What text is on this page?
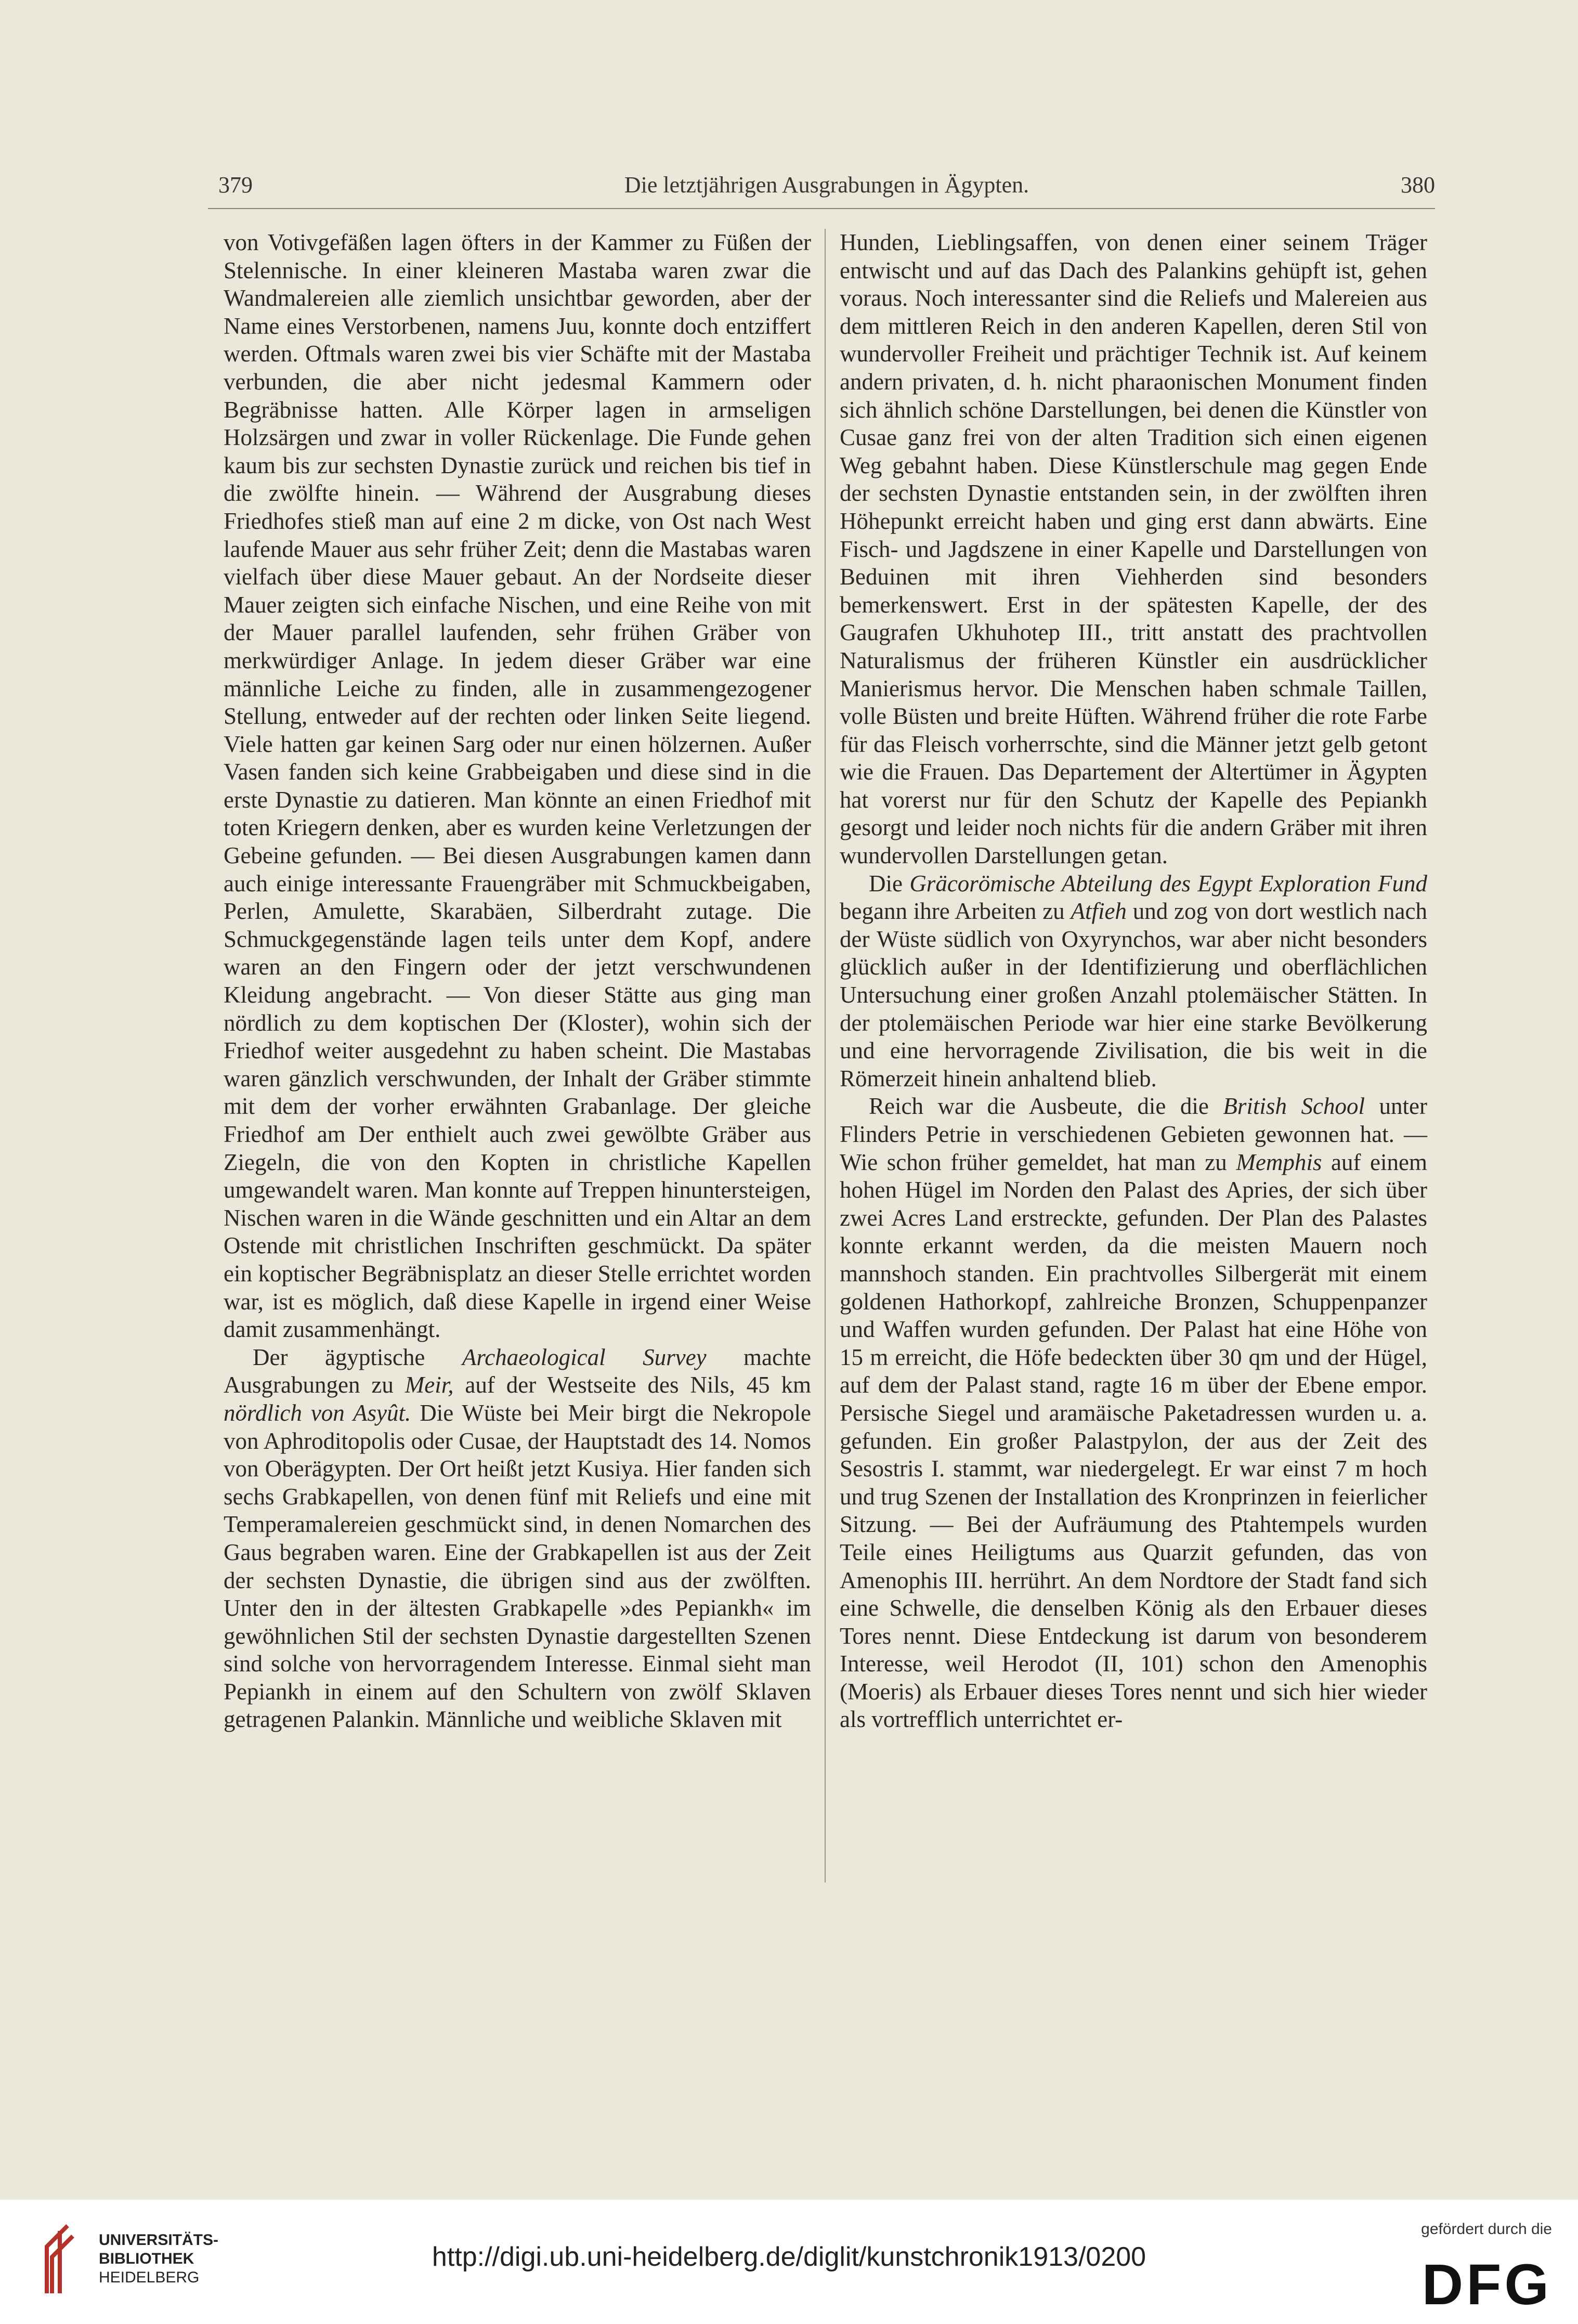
379	Die letztjährigen Ausgrabungen in Ägypten.	380

von Votivgefäßen lagen öfters in der Kammer zu Füßen der Stelennische. In einer kleineren Mastaba waren zwar die Wandmalereien alle ziemlich unsichtbar geworden, aber der Name eines Verstorbenen, namens Juu, konnte doch entziffert werden. Oftmals waren zwei bis vier Schäfte mit der Mastaba verbunden, die aber nicht jedesmal Kammern oder Begräbnisse hatten. Alle Körper lagen in armseligen Holzsärgen und zwar in voller Rückenlage. Die Funde gehen kaum bis zur sechsten Dynastie zurück und reichen bis tief in die zwölfte hinein. — Während der Ausgrabung dieses Friedhofes stieß man auf eine 2 m dicke, von Ost nach West laufende Mauer aus sehr früher Zeit; denn die Mastabas waren vielfach über diese Mauer gebaut. An der Nordseite dieser Mauer zeigten sich einfache Nischen, und eine Reihe von mit der Mauer parallel laufenden, sehr frühen Gräber von merkwürdiger Anlage. In jedem dieser Gräber war eine männliche Leiche zu finden, alle in zusammengezogener Stellung, entweder auf der rechten oder linken Seite liegend. Viele hatten gar keinen Sarg oder nur einen hölzernen. Außer Vasen fanden sich keine Grabbeigaben und diese sind in die erste Dynastie zu datieren. Man könnte an einen Friedhof mit toten Kriegern denken, aber es wurden keine Verletzungen der Gebeine gefunden. — Bei diesen Ausgrabungen kamen dann auch einige interessante Frauengräber mit Schmuckbeigaben, Perlen, Amulette, Skarabäen, Silberdraht zutage. Die Schmuckgegenstände lagen teils unter dem Kopf, andere waren an den Fingern oder der jetzt verschwundenen Kleidung angebracht. — Von dieser Stätte aus ging man nördlich zu dem koptischen Der (Kloster), wohin sich der Friedhof weiter ausgedehnt zu haben scheint. Die Mastabas waren gänzlich verschwunden, der Inhalt der Gräber stimmte mit dem der vorher erwähnten Grabanlage. Der gleiche Friedhof am Der enthielt auch zwei gewölbte Gräber aus Ziegeln, die von den Kopten in christliche Kapellen umgewandelt waren. Man konnte auf Treppen hinuntersteigen, Nischen waren in die Wände geschnitten und ein Altar an dem Ostende mit christlichen Inschriften geschmückt. Da später ein koptischer Begräbnisplatz an dieser Stelle errichtet worden war, ist es möglich, daß diese Kapelle in irgend einer Weise damit zusammenhängt.

Der ägyptische Archaeological Survey machte Ausgrabungen zu Meir, auf der Westseite des Nils, 45 km nördlich von Asyût. Die Wüste bei Meir birgt die Nekropole von Aphroditopolis oder Cusae, der Hauptstadt des 14. Nomos von Oberägypten. Der Ort heißt jetzt Kusiya. Hier fanden sich sechs Grabkapellen, von denen fünf mit Reliefs und eine mit Temperamalereien geschmückt sind, in denen Nomarchen des Gaus begraben waren. Eine der Grabkapellen ist aus der Zeit der sechsten Dynastie, die übrigen sind aus der zwölften. Unter den in der ältesten Grabkapelle »des Pepiankh« im gewöhnlichen Stil der sechsten Dynastie dargestellten Szenen sind solche von hervorragendem Interesse. Einmal sieht man Pepiankh in einem auf den Schultern von zwölf Sklaven getragenen Palankin. Männliche und weibliche Sklaven mit

Hunden, Lieblingsaffen, von denen einer seinem Träger entwischt und auf das Dach des Palankins gehüpft ist, gehen voraus. Noch interessanter sind die Reliefs und Malereien aus dem mittleren Reich in den anderen Kapellen, deren Stil von wundervoller Freiheit und prächtiger Technik ist. Auf keinem andern privaten, d. h. nicht pharaonischen Monument finden sich ähnlich schöne Darstellungen, bei denen die Künstler von Cusae ganz frei von der alten Tradition sich einen eigenen Weg gebahnt haben. Diese Künstlerschule mag gegen Ende der sechsten Dynastie entstanden sein, in der zwölften ihren Höhepunkt erreicht haben und ging erst dann abwärts. Eine Fisch- und Jagdszene in einer Kapelle und Darstellungen von Beduinen mit ihren Viehherden sind besonders bemerkenswert. Erst in der spätesten Kapelle, der des Gaugrafen Ukhuhotep III., tritt anstatt des prachtvollen Naturalismus der früheren Künstler ein ausdrücklicher Manierismus hervor. Die Menschen haben schmale Taillen, volle Büsten und breite Hüften. Während früher die rote Farbe für das Fleisch vorherrschte, sind die Männer jetzt gelb getont wie die Frauen. Das Departement der Altertümer in Ägypten hat vorerst nur für den Schutz der Kapelle des Pepiankh gesorgt und leider noch nichts für die andern Gräber mit ihren wundervollen Darstellungen getan.

Die Gräcorömische Abteilung des Egypt Exploration Fund begann ihre Arbeiten zu Atfieh und zog von dort westlich nach der Wüste südlich von Oxyrynchos, war aber nicht besonders glücklich außer in der Identifizierung und oberflächlichen Untersuchung einer großen Anzahl ptolemäischer Stätten. In der ptolemäischen Periode war hier eine starke Bevölkerung und eine hervorragende Zivilisation, die bis weit in die Römerzeit hinein anhaltend blieb.

Reich war die Ausbeute, die die British School unter Flinders Petrie in verschiedenen Gebieten gewonnen hat. — Wie schon früher gemeldet, hat man zu Memphis auf einem hohen Hügel im Norden den Palast des Apries, der sich über zwei Acres Land erstreckte, gefunden. Der Plan des Palastes konnte erkannt werden, da die meisten Mauern noch mannshoch standen. Ein prachtvolles Silbergerät mit einem goldenen Hathorkopf, zahlreiche Bronzen, Schuppenpanzer und Waffen wurden gefunden. Der Palast hat eine Höhe von 15 m erreicht, die Höfe bedeckten über 30 qm und der Hügel, auf dem der Palast stand, ragte 16 m über der Ebene empor. Persische Siegel und aramäische Paketadressen wurden u. a. gefunden. Ein großer Palastpylon, der aus der Zeit des Sesostris I. stammt, war niedergelegt. Er war einst 7 m hoch und trug Szenen der Installation des Kronprinzen in feierlicher Sitzung. — Bei der Aufräumung des Ptahtempels wurden Teile eines Heiligtums aus Quarzit gefunden, das von Amenophis III. herrührt. An dem Nordtore der Stadt fand sich eine Schwelle, die denselben König als den Erbauer dieses Tores nennt. Diese Entdeckung ist darum von besonderem Interesse, weil Herodot (II, 101) schon den Amenophis (Moeris) als Erbauer dieses Tores nennt und sich hier wieder als vortrefflich unterrichtet er-

UNIVERSITÄTS-
BIBLIOTHEK
HEIDELBERG
http://digi.ub.uni-heidelberg.de/diglit/kunstchronik1913/0200
gefördert durch die
DFG
